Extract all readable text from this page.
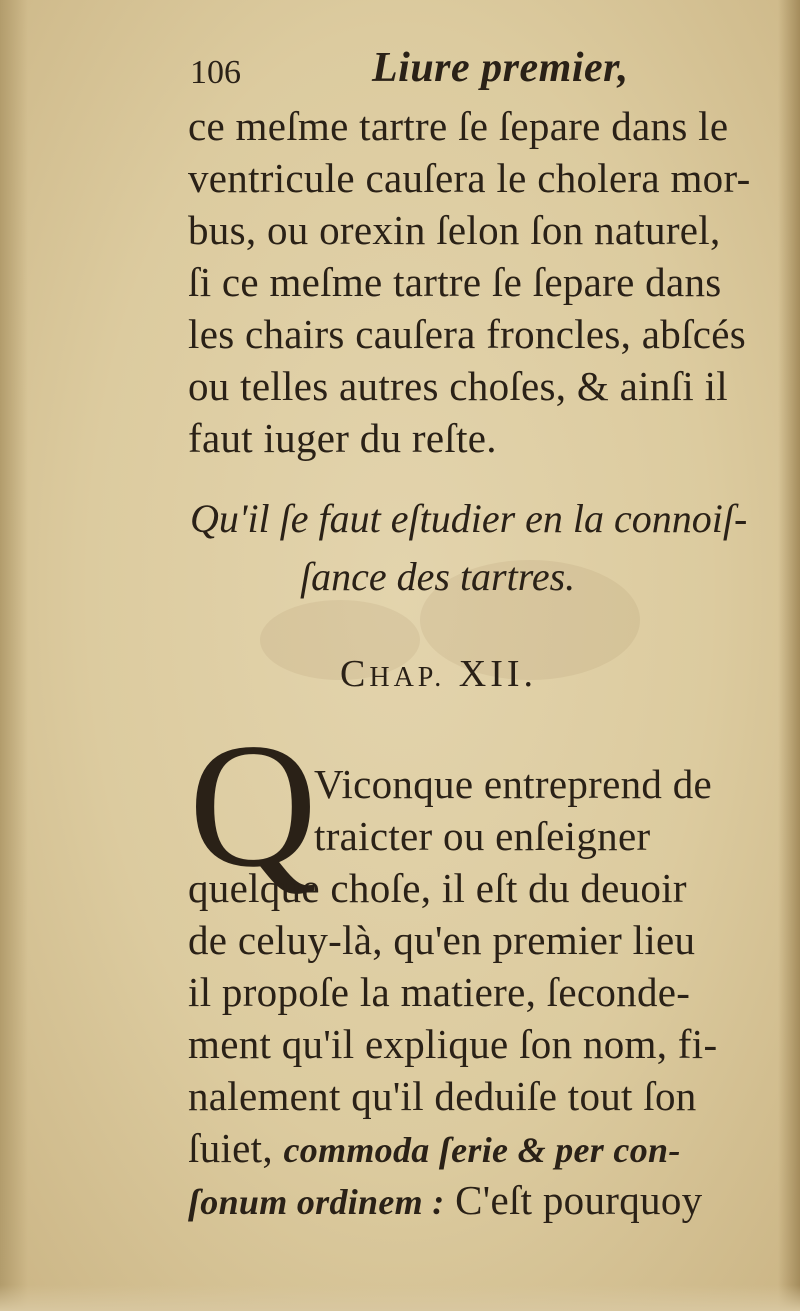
106	Liure premier,
ce meſme tartre ſe ſepare dans le
ventricule cauſera le cholera mor-
bus, ou orexin ſelon ſon naturel,
ſi ce meſme tartre ſe ſepare dans
les chairs cauſera froncles, abſcés
ou telles autres choſes, & ainſi il
faut iuger du reſte.
Qu'il ſe faut eſtudier en la connoiſ-
ſance des tartres.
CHAP. XII.
Q
Viconque entreprend de
traicter ou enſeigner
quelque choſe, il eſt du deuoir
de celuy-là, qu'en premier lieu
il propoſe la matiere, ſeconde-
ment qu'il explique ſon nom, fi-
nalement qu'il deduiſe tout ſon
ſuiet, commoda ſerie & per con-
ſonum ordinem : C'eſt pourquoy
